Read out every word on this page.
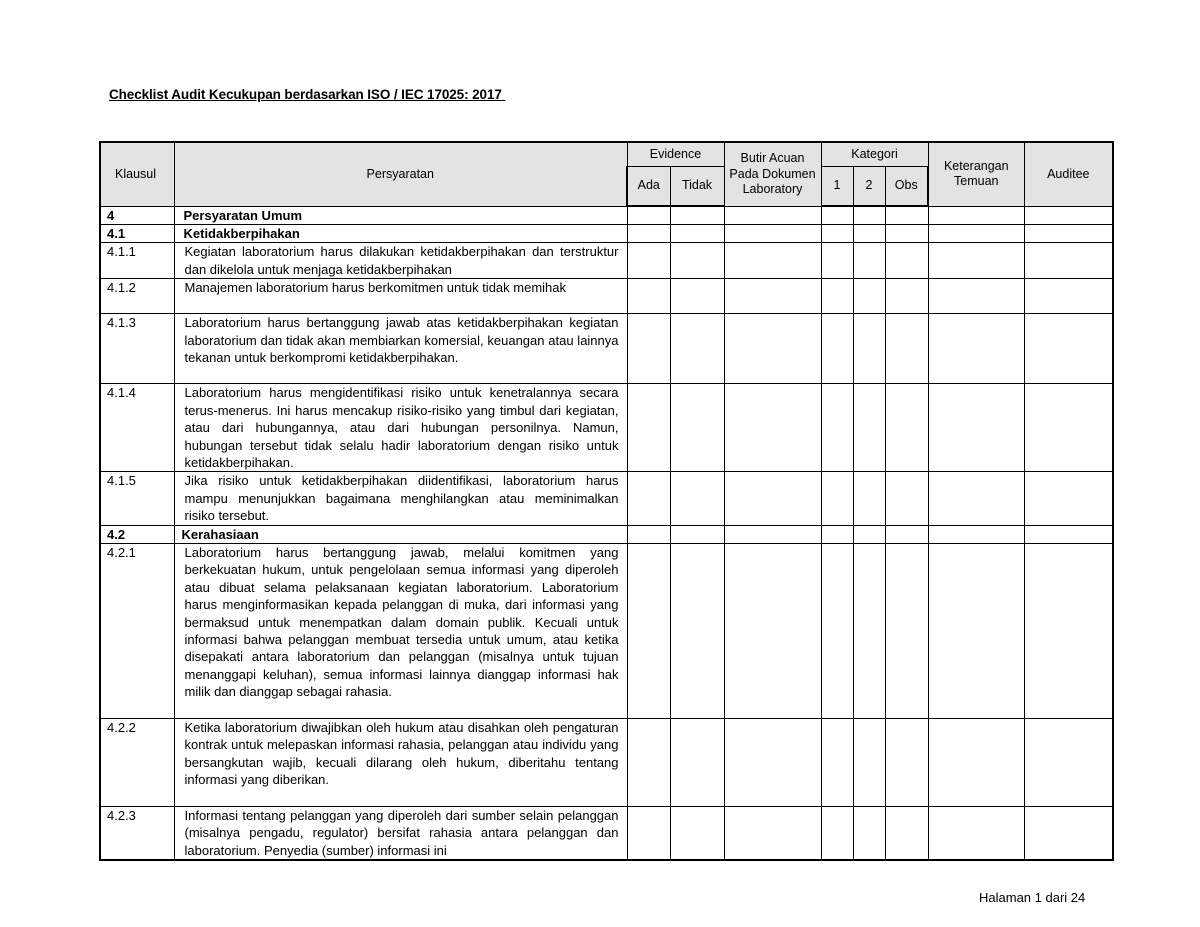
Checklist Audit Kecukupan berdasarkan ISO / IEC 17025: 2017
Klausul	Persyaratan	Evidence		Butir Acuan Pada Dokumen Laboratory	Kategori			Keterangan Temuan	Auditee
		Ada	Tidak		1	2	Obs		
4	Persyaratan Umum								
4.1	Ketidakberpihakan								
4.1.1	Kegiatan laboratorium harus dilakukan ketidakberpihakan dan terstruktur dan dikelola untuk menjaga ketidakberpihakan								
4.1.2	Manajemen laboratorium harus berkomitmen untuk tidak memihak								
4.1.3	Laboratorium harus bertanggung jawab atas ketidakberpihakan kegiatan laboratorium dan tidak akan membiarkan komersial, keuangan atau lainnya tekanan untuk berkompromi ketidakberpihakan.								
4.1.4	Laboratorium harus mengidentifikasi risiko untuk kenetralannya secara terus-menerus. Ini harus mencakup risiko-risiko yang timbul dari kegiatan, atau dari hubungannya, atau dari hubungan personilnya. Namun, hubungan tersebut tidak selalu hadir laboratorium dengan risiko untuk ketidakberpihakan.								
4.1.5	Jika risiko untuk ketidakberpihakan diidentifikasi, laboratorium harus mampu menunjukkan bagaimana menghilangkan atau meminimalkan risiko tersebut.								
4.2	Kerahasiaan								
4.2.1	Laboratorium harus bertanggung jawab, melalui komitmen yang berkekuatan hukum, untuk pengelolaan semua informasi yang diperoleh atau dibuat selama pelaksanaan kegiatan laboratorium. Laboratorium harus menginformasikan kepada pelanggan di muka, dari informasi yang bermaksud untuk menempatkan dalam domain publik. Kecuali untuk informasi bahwa pelanggan membuat tersedia untuk umum, atau ketika disepakati antara laboratorium dan pelanggan (misalnya untuk tujuan menanggapi keluhan), semua informasi lainnya dianggap informasi hak milik dan dianggap sebagai rahasia.								
4.2.2	Ketika laboratorium diwajibkan oleh hukum atau disahkan oleh pengaturan kontrak untuk melepaskan informasi rahasia, pelanggan atau individu yang bersangkutan wajib, kecuali dilarang oleh hukum, diberitahu tentang informasi yang diberikan.								
4.2.3	Informasi tentang pelanggan yang diperoleh dari sumber selain pelanggan (misalnya pengadu, regulator) bersifat rahasia antara pelanggan dan laboratorium. Penyedia (sumber) informasi ini								

Halaman 1 dari 24
